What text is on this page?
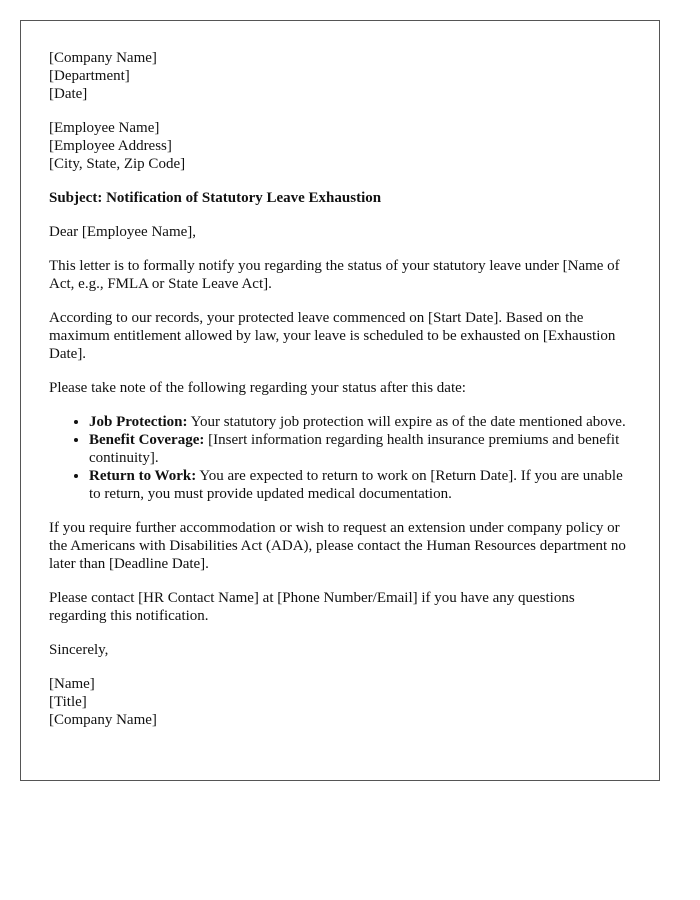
[Company Name]
[Department]
[Date]
[Employee Name]
[Employee Address]
[City, State, Zip Code]

Subject: Notification of Statutory Leave Exhaustion

Dear [Employee Name],

This letter is to formally notify you regarding the status of your statutory leave under [Name of Act, e.g., FMLA or State Leave Act].

According to our records, your protected leave commenced on [Start Date]. Based on the maximum entitlement allowed by law, your leave is scheduled to be exhausted on [Exhaustion Date].

Please take note of the following regarding your status after this date:

• Job Protection: Your statutory job protection will expire as of the date mentioned above.
• Benefit Coverage: [Insert information regarding health insurance premiums and benefit continuity].
• Return to Work: You are expected to return to work on [Return Date]. If you are unable to return, you must provide updated medical documentation.

If you require further accommodation or wish to request an extension under company policy or the Americans with Disabilities Act (ADA), please contact the Human Resources department no later than [Deadline Date].

Please contact [HR Contact Name] at [Phone Number/Email] if you have any questions regarding this notification.

Sincerely,

[Name]
[Title]
[Company Name]
